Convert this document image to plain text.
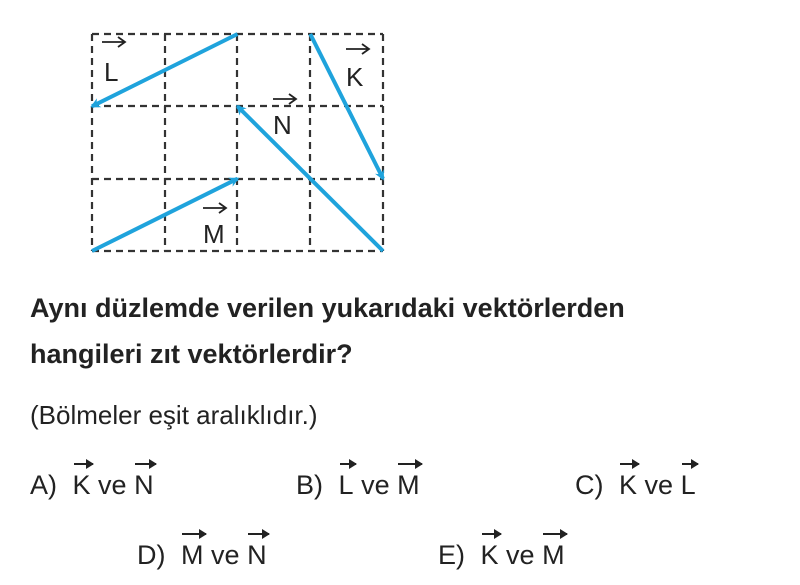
L	K
N
M
Aynı düzlemde verilen yukarıdaki vektörlerden
hangileri zıt vektörlerdir?
(Bölmeler eşit aralıklıdır.)
A) K ve N	B) L ve M	C) K ve L
D) M ve N	E) K ve M
